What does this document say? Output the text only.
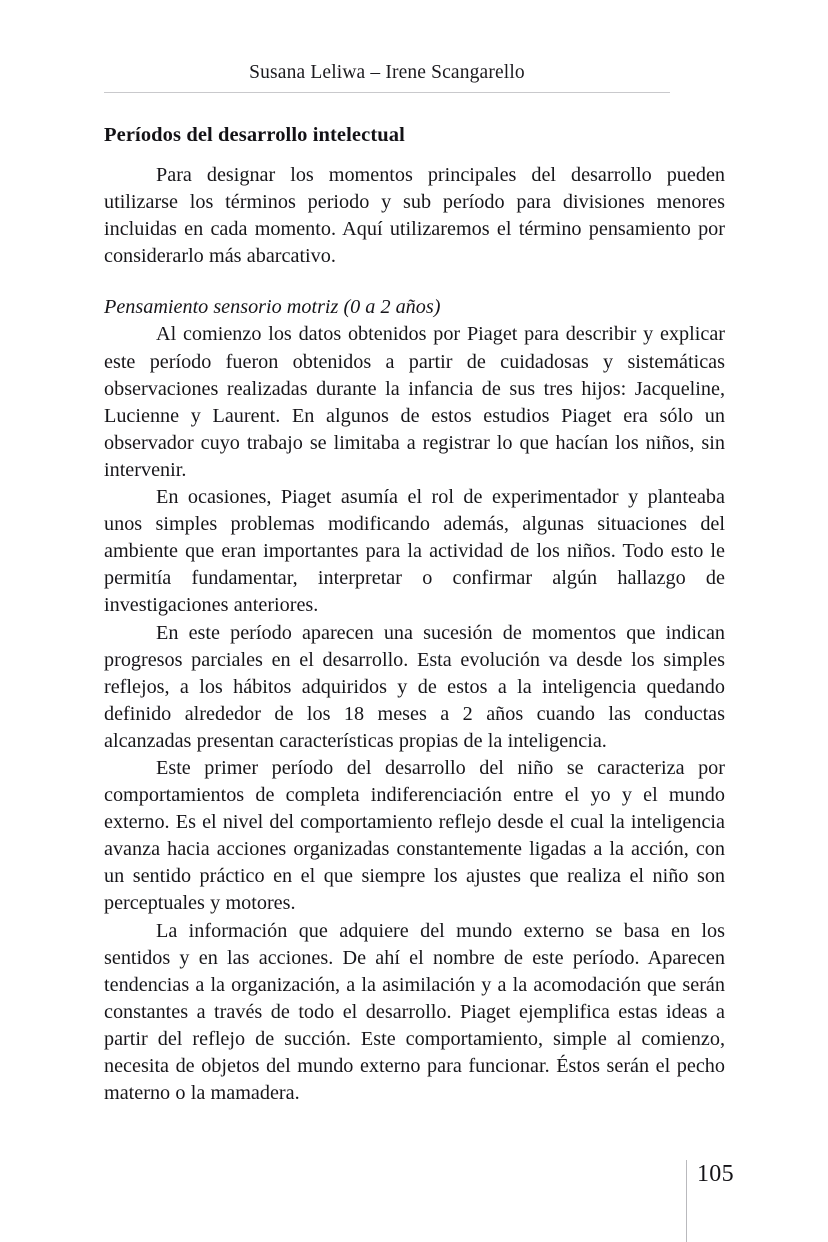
Susana Leliwa – Irene Scangarello
Períodos del desarrollo intelectual

Para designar los momentos principales del desarrollo pueden utilizarse los términos periodo y sub período para divisiones menores incluidas en cada momento. Aquí utilizaremos el término pensamiento por considerarlo más abarcativo.

Pensamiento sensorio motriz (0 a 2 años)

Al comienzo los datos obtenidos por Piaget para describir y explicar este período fueron obtenidos a partir de cuidadosas y sistemáticas observaciones realizadas durante la infancia de sus tres hijos: Jacqueline, Lucienne y Laurent. En algunos de estos estudios Piaget era sólo un observador cuyo trabajo se limitaba a registrar lo que hacían los niños, sin intervenir.

En ocasiones, Piaget asumía el rol de experimentador y planteaba unos simples problemas modificando además, algunas situaciones del ambiente que eran importantes para la actividad de los niños. Todo esto le permitía fundamentar, interpretar o confirmar algún hallazgo de investigaciones anteriores.

En este período aparecen una sucesión de momentos que indican progresos parciales en el desarrollo. Esta evolución va desde los simples reflejos, a los hábitos adquiridos y de estos a la inteligencia quedando definido alrededor de los 18 meses a 2 años cuando las conductas alcanzadas presentan características propias de la inteligencia.

Este primer período del desarrollo del niño se caracteriza por comportamientos de completa indiferenciación entre el yo y el mundo externo. Es el nivel del comportamiento reflejo desde el cual la inteligencia avanza hacia acciones organizadas constantemente ligadas a la acción, con un sentido práctico en el que siempre los ajustes que realiza el niño son perceptuales y motores.

La información que adquiere del mundo externo se basa en los sentidos y en las acciones. De ahí el nombre de este período. Aparecen tendencias a la organización, a la asimilación y a la acomodación que serán constantes a través de todo el desarrollo. Piaget ejemplifica estas ideas a partir del reflejo de succión. Este comportamiento, simple al comienzo, necesita de objetos del mundo externo para funcionar. Éstos serán el pecho materno o la mamadera.

105
